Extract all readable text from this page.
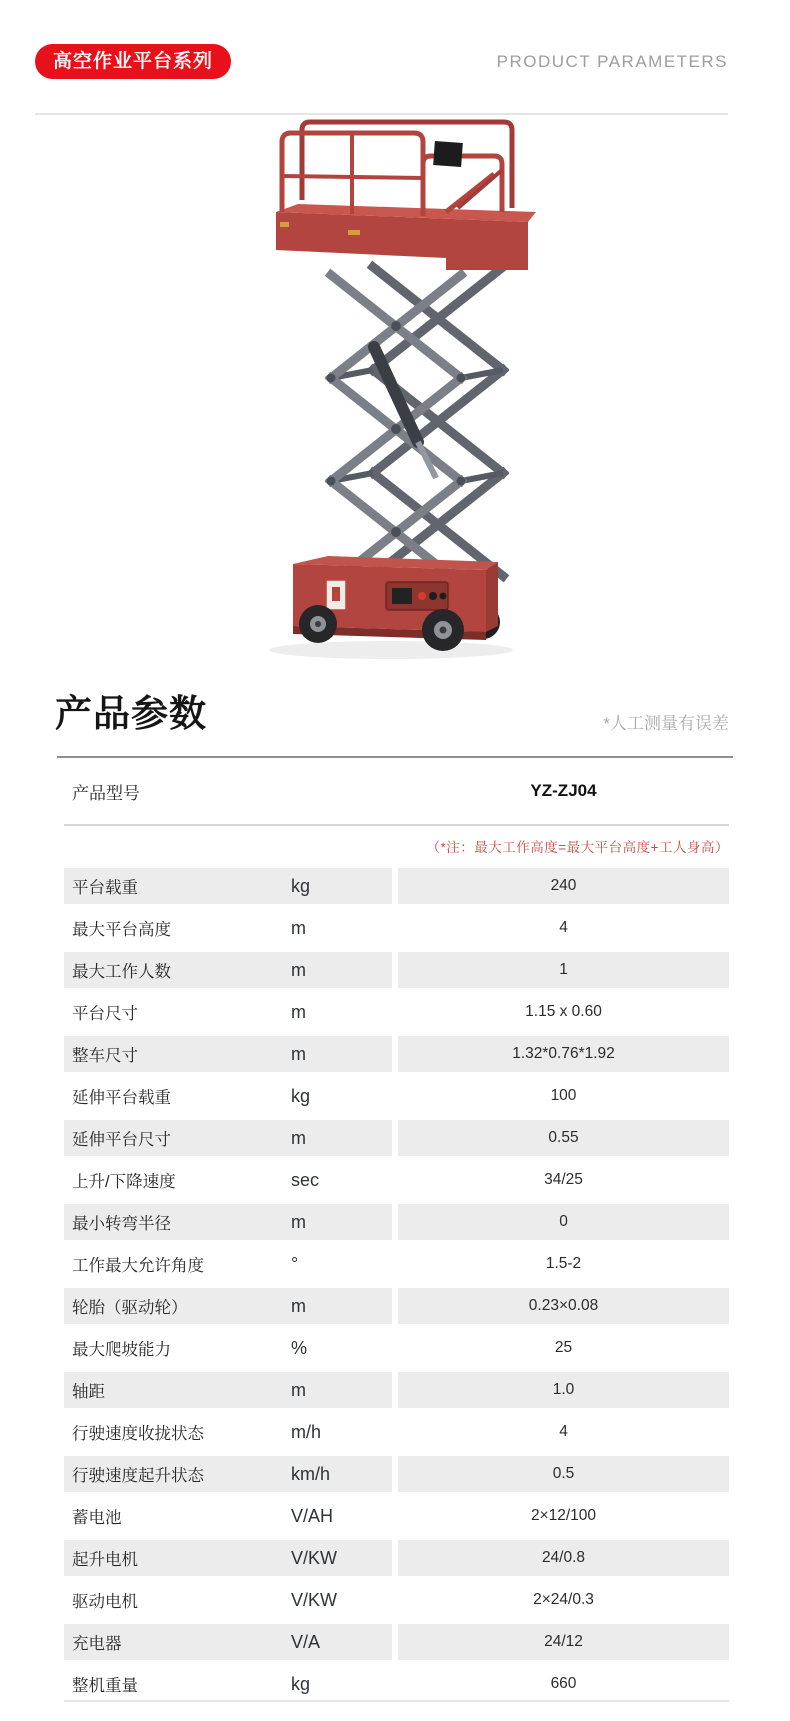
高空作业平台系列	PRODUCT PARAMETERS
产品参数	*人工测量有误差
产品型号	YZ-ZJ04
（*注：最大工作高度=最大平台高度+工人身高）
平台载重	kg	240
最大平台高度	m	4
最大工作人数	m	1
平台尺寸	m	1.15 x 0.60
整车尺寸	m	1.32*0.76*1.92
延伸平台载重	kg	100
延伸平台尺寸	m	0.55
上升/下降速度	sec	34/25
最小转弯半径	m	0
工作最大允许角度	°	1.5-2
轮胎（驱动轮）	m	0.23×0.08
最大爬坡能力	%	25
轴距	m	1.0
行驶速度收拢状态	m/h	4
行驶速度起升状态	km/h	0.5
蓄电池	V/AH	2×12/100
起升电机	V/KW	24/0.8
驱动电机	V/KW	2×24/0.3
充电器	V/A	24/12
整机重量	kg	660
